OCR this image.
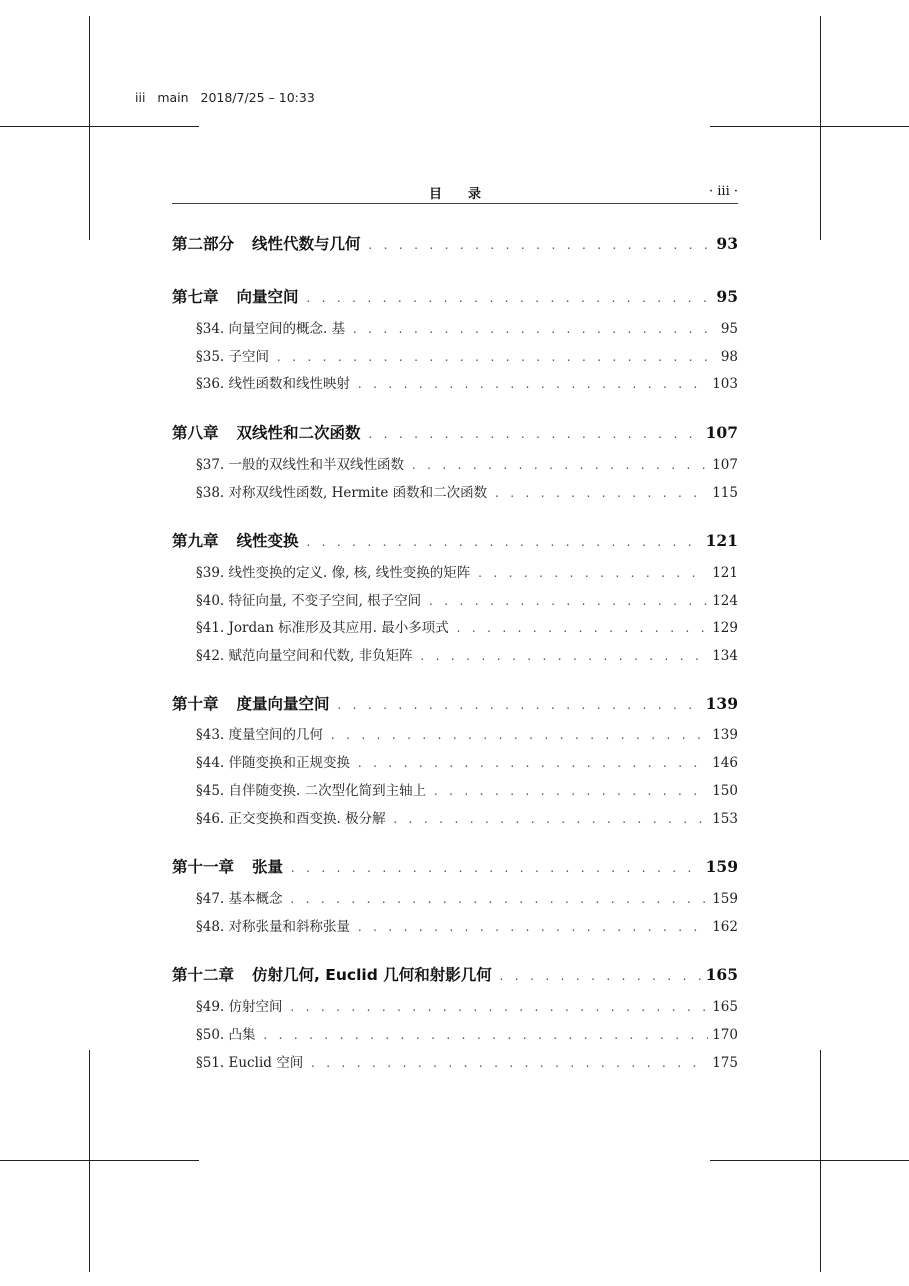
iii   main   2018/7/25 – 10:33
目录	· iii ·
第二部分 线性代数与几何 . .	93
第七章 向量空间 . .	95
§34. 向量空间的概念. 基 . .	95
§35. 子空间 . .	98
§36. 线性函数和线性映射 . .	103
第八章 双线性和二次函数 . .	107
§37. 一般的双线性和半双线性函数 . .	107
§38. 对称双线性函数, Hermite 函数和二次函数 . .	115
第九章 线性变换 . .	121
§39. 线性变换的定义. 像, 核, 线性变换的矩阵 . .	121
§40. 特征向量, 不变子空间, 根子空间 . .	124
§41. Jordan 标准形及其应用. 最小多项式 . .	129
§42. 赋范向量空间和代数, 非负矩阵 . .	134
第十章 度量向量空间 . .	139
§43. 度量空间的几何 . .	139
§44. 伴随变换和正规变换 . .	146
§45. 自伴随变换. 二次型化简到主轴上 . .	150
§46. 正交变换和酉变换. 极分解 . .	153
第十一章 张量 . .	159
§47. 基本概念 . .	159
§48. 对称张量和斜称张量 . .	162
第十二章 仿射几何, Euclid 几何和射影几何 . .	165
§49. 仿射空间 . .	165
§50. 凸集 . .	170
§51. Euclid 空间 . .	175
